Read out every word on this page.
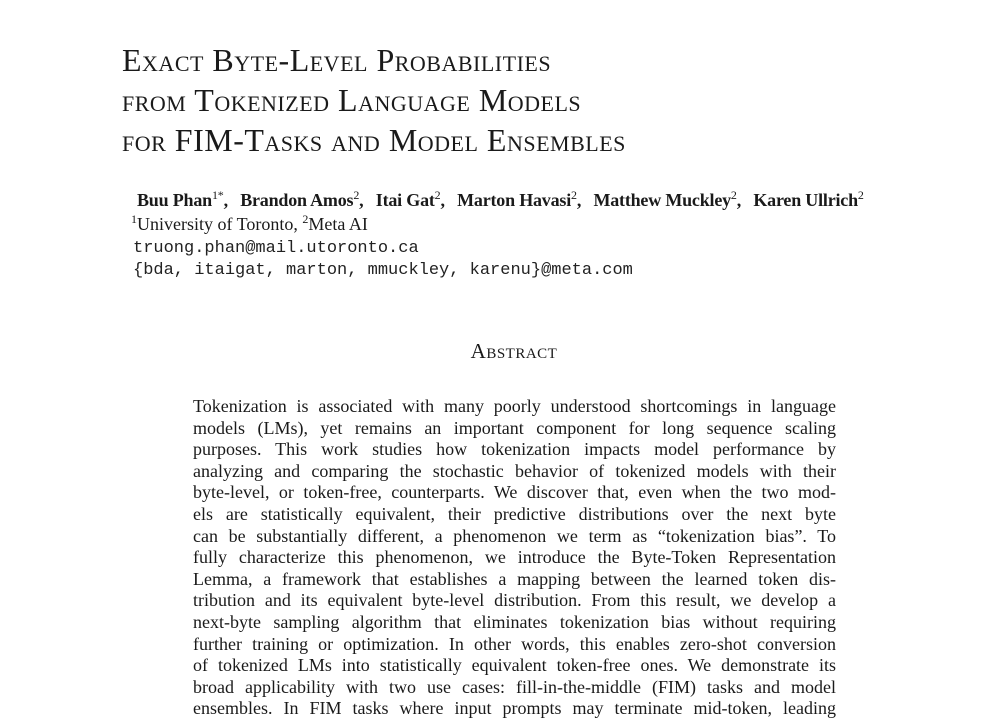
Exact Byte-Level Probabilities
from Tokenized Language Models
for FIM-Tasks and Model Ensembles
Buu Phan$^{1*}$, Brandon Amos$^2$, Itai Gat$^2$, Marton Havasi$^2$, Matthew Muckley$^2$, Karen Ullrich$^2$
$^1$University of Toronto, $^2$Meta AI
truong.phan@mail.utoronto.ca
{bda, itaigat, marton, mmuckley, karenu}@meta.com
Abstract
Tokenization is associated with many poorly understood shortcomings in language
models (LMs), yet remains an important component for long sequence scaling
purposes. This work studies how tokenization impacts model performance by
analyzing and comparing the stochastic behavior of tokenized models with their
byte-level, or token-free, counterparts. We discover that, even when the two mod-
els are statistically equivalent, their predictive distributions over the next byte
can be substantially different, a phenomenon we term as “tokenization bias”. To
fully characterize this phenomenon, we introduce the Byte-Token Representation
Lemma, a framework that establishes a mapping between the learned token dis-
tribution and its equivalent byte-level distribution. From this result, we develop a
next-byte sampling algorithm that eliminates tokenization bias without requiring
further training or optimization. In other words, this enables zero-shot conversion
of tokenized LMs into statistically equivalent token-free ones. We demonstrate its
broad applicability with two use cases: fill-in-the-middle (FIM) tasks and model
ensembles. In FIM tasks where input prompts may terminate mid-token, leading
